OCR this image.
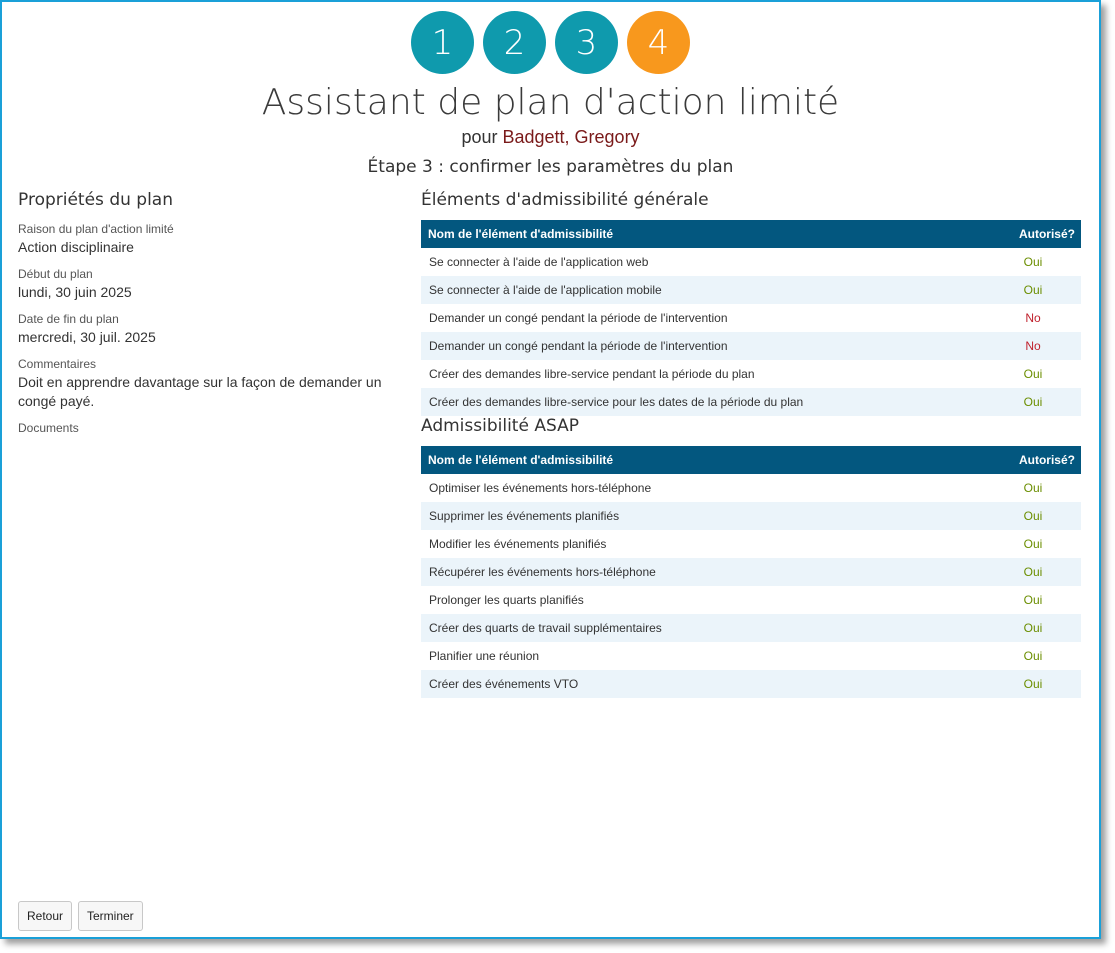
1	2	3	4
Assistant de plan d'action limité
pour Badgett, Gregory
Étape 3 : confirmer les paramètres du plan
Propriétés du plan
Raison du plan d'action limité
Action disciplinaire
Début du plan
lundi, 30 juin 2025
Date de fin du plan
mercredi, 30 juil. 2025
Commentaires
Doit en apprendre davantage sur la façon de demander un congé payé.
Documents
Éléments d'admissibilité générale
Nom de l'élément d'admissibilité	Autorisé?
Se connecter à l'aide de l'application web	Oui
Se connecter à l'aide de l'application mobile	Oui
Demander un congé pendant la période de l'intervention	No
Demander un congé pendant la période de l'intervention	No
Créer des demandes libre-service pendant la période du plan	Oui
Créer des demandes libre-service pour les dates de la période du plan	Oui
Admissibilité ASAP
Nom de l'élément d'admissibilité	Autorisé?
Optimiser les événements hors-téléphone	Oui
Supprimer les événements planifiés	Oui
Modifier les événements planifiés	Oui
Récupérer les événements hors-téléphone	Oui
Prolonger les quarts planifiés	Oui
Créer des quarts de travail supplémentaires	Oui
Planifier une réunion	Oui
Créer des événements VTO	Oui
Retour	Terminer
